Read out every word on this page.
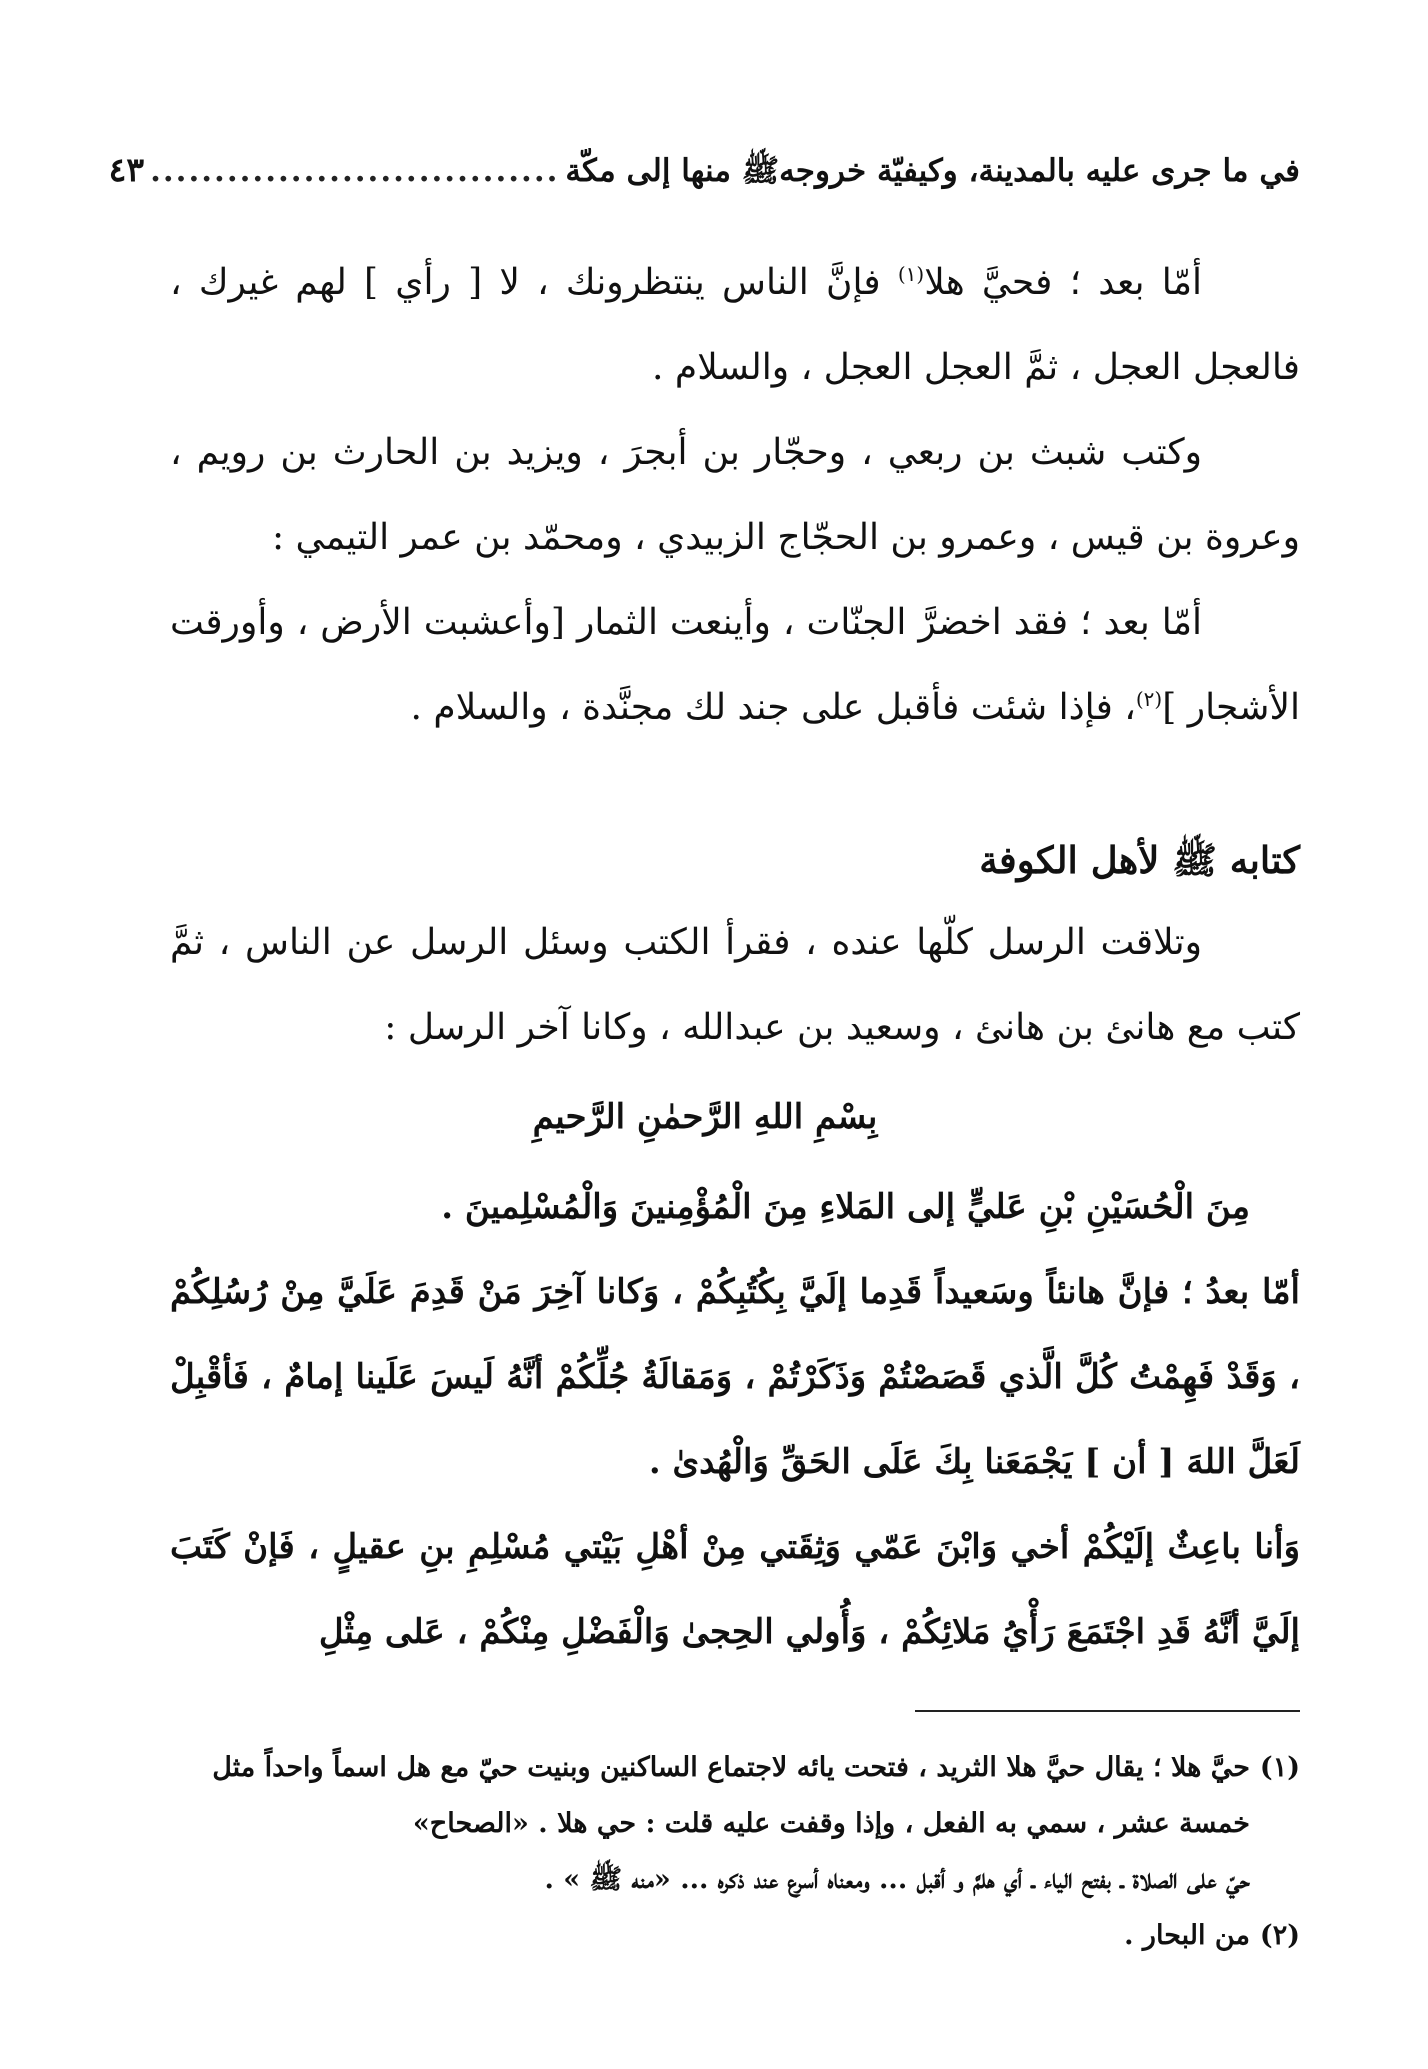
في ما جرى عليه بالمدينة، وكيفيّة خروجهﷺ منها إلى مكّة
................................
٤٣

أمّا بعد ؛ فحيَّ هلا$^{(١)}$ فإنَّ الناس ينتظرونك ، لا [ رأي ] لهم غيرك ، فالعجل العجل ، ثمَّ العجل العجل ، والسلام .

وكتب شبث بن ربعي ، وحجّار بن أبجرَ ، ويزيد بن الحارث بن رويم ، وعروة بن قيس ، وعمرو بن الحجّاج الزبيدي ، ومحمّد بن عمر التيمي :

أمّا بعد ؛ فقد اخضرَّ الجنّات ، وأينعت الثمار [وأعشبت الأرض ، وأورقت الأشجار ]$^{(٢)}$، فإذا شئت فأقبل على جند لك مجنَّدة ، والسلام .

كتابه ﷺ لأهل الكوفة

وتلاقت الرسل كلّها عنده ، فقرأ الكتب وسئل الرسل عن الناس ، ثمَّ كتب مع هانئ بن هانئ ، وسعيد بن عبدالله ، وكانا آخر الرسل :

بِسْمِ اللهِ الرَّحمٰنِ الرَّحيمِ

مِنَ الْحُسَيْنِ بْنِ عَليٍّ إلى المَلاءِ مِنَ الْمُؤْمِنينَ وَالْمُسْلِمينَ .

أمّا بعدُ ؛ فإنَّ هانئاً وسَعيداً قَدِما إلَيَّ بِكُتُبِكُمْ ، وَكانا آخِرَ مَنْ قَدِمَ عَلَيَّ مِنْ رُسُلِكُمْ ، وَقَدْ فَهِمْتُ كُلَّ الَّذي قَصَصْتُمْ وَذَكَرْتُمْ ، وَمَقالَةُ جُلِّكُمْ أنَّهُ لَيسَ عَلَينا إمامٌ ، فَأقْبِلْ لَعَلَّ اللهَ [ أن ] يَجْمَعَنا بِكَ عَلَى الحَقِّ وَالْهُدىٰ .

وَأنا باعِثٌ إلَيْكُمْ أخي وَابْنَ عَمّي وَثِقَتي مِنْ أهْلِ بَيْتي مُسْلِمِ بنِ عقيلٍ ، فَإنْ كَتَبَ إلَيَّ أنَّهُ قَدِ اجْتَمَعَ رَأْيُ مَلائِكُمْ ، وَأُولي الحِجىٰ وَالْفَضْلِ مِنْكُمْ ، عَلى مِثْلِ

(١)حيَّ هلا ؛ يقال حيَّ هلا الثريد ، فتحت يائه لاجتماع الساكنين وبنيت حيّ مع هل اسماً واحداً مثل
خمسة عشر ، سمي به الفعل ، وإذا وقفت عليه قلت : حي هلا . «الصحاح»
حيّ على الصلاة ـ بفتح الياء ـ أي هلمَّ و أقبل ... ومعناه أسرع عند ذكره ... «منه ﷺ » .

(٢)من البحار .
